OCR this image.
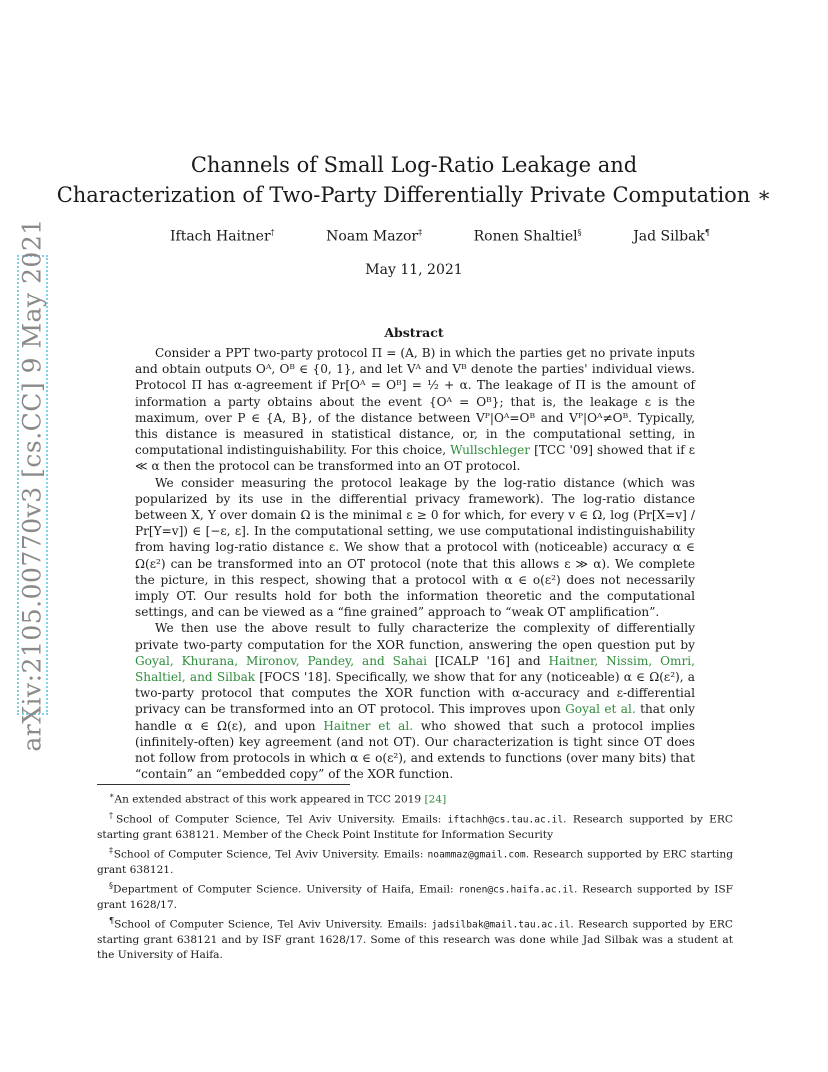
arXiv:2105.00770v3 [cs.CC] 9 May 2021
Channels of Small Log-Ratio Leakage and
Characterization of Two-Party Differentially Private Computation ∗
Iftach Haitner†	Noam Mazor‡	Ronen Shaltiel§	Jad Silbak¶
May 11, 2021
Abstract

Consider a PPT two-party protocol Π = (A, B) in which the parties get no private inputs and obtain outputs Oᴬ, Oᴮ ∈ {0, 1}, and let Vᴬ and Vᴮ denote the parties' individual views. Protocol Π has α-agreement if Pr[Oᴬ = Oᴮ] = ½ + α. The leakage of Π is the amount of information a party obtains about the event {Oᴬ = Oᴮ}; that is, the leakage ε is the maximum, over P ∈ {A, B}, of the distance between Vᴾ|Oᴬ=Oᴮ and Vᴾ|Oᴬ≠Oᴮ. Typically, this distance is measured in statistical distance, or, in the computational setting, in computational indistinguishability. For this choice, Wullschleger [TCC '09] showed that if ε ≪ α then the protocol can be transformed into an OT protocol.

We consider measuring the protocol leakage by the log-ratio distance (which was popularized by its use in the differential privacy framework). The log-ratio distance between X, Y over domain Ω is the minimal ε ≥ 0 for which, for every v ∈ Ω, log (Pr[X=v] / Pr[Y=v]) ∈ [−ε, ε]. In the computational setting, we use computational indistinguishability from having log-ratio distance ε. We show that a protocol with (noticeable) accuracy α ∈ Ω(ε²) can be transformed into an OT protocol (note that this allows ε ≫ α). We complete the picture, in this respect, showing that a protocol with α ∈ o(ε²) does not necessarily imply OT. Our results hold for both the information theoretic and the computational settings, and can be viewed as a “fine grained” approach to “weak OT amplification”.

We then use the above result to fully characterize the complexity of differentially private two-party computation for the XOR function, answering the open question put by Goyal, Khurana, Mironov, Pandey, and Sahai [ICALP '16] and Haitner, Nissim, Omri, Shaltiel, and Silbak [FOCS '18]. Specifically, we show that for any (noticeable) α ∈ Ω(ε²), a two-party protocol that computes the XOR function with α-accuracy and ε-differential privacy can be transformed into an OT protocol. This improves upon Goyal et al. that only handle α ∈ Ω(ε), and upon Haitner et al. who showed that such a protocol implies (infinitely-often) key agreement (and not OT). Our characterization is tight since OT does not follow from protocols in which α ∈ o(ε²), and extends to functions (over many bits) that “contain” an “embedded copy” of the XOR function.

∗An extended abstract of this work appeared in TCC 2019 [24]

†School of Computer Science, Tel Aviv University. Emails: iftachh@cs.tau.ac.il. Research supported by ERC starting grant 638121. Member of the Check Point Institute for Information Security

‡School of Computer Science, Tel Aviv University. Emails: noammaz@gmail.com. Research supported by ERC starting grant 638121.

§Department of Computer Science. University of Haifa, Email: ronen@cs.haifa.ac.il. Research supported by ISF grant 1628/17.

¶School of Computer Science, Tel Aviv University. Emails: jadsilbak@mail.tau.ac.il. Research supported by ERC starting grant 638121 and by ISF grant 1628/17. Some of this research was done while Jad Silbak was a student at the University of Haifa.
